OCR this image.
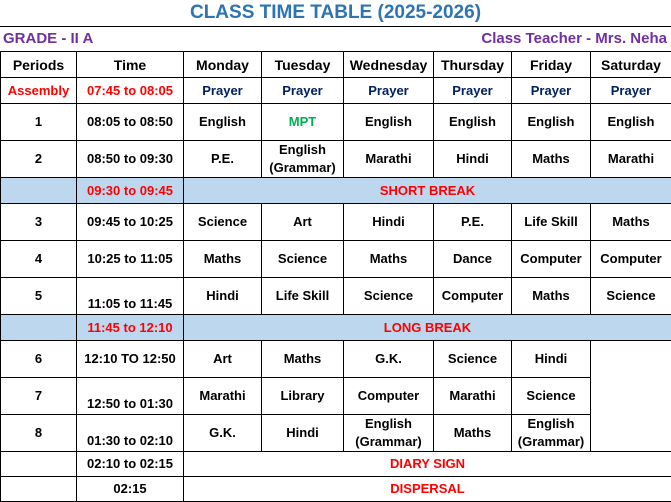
CLASS TIME TABLE (2025-2026)
GRADE - II A	Class Teacher - Mrs. Neha
Periods	Time	Monday	Tuesday	Wednesday	Thursday	Friday	Saturday
Assembly	07:45 to 08:05	Prayer	Prayer	Prayer	Prayer	Prayer	Prayer
1	08:05 to 08:50	English	MPT	English	English	English	English
2	08:50 to 09:30	P.E.	English (Grammar)	Marathi	Hindi	Maths	Marathi
	09:30 to 09:45	SHORT BREAK					
3	09:45 to 10:25	Science	Art	Hindi	P.E.	Life Skill	Maths
4	10:25 to 11:05	Maths	Science	Maths	Dance	Computer	Computer
5	11:05 to 11:45	Hindi	Life Skill	Science	Computer	Maths	Science
	11:45 to 12:10	LONG BREAK					
6	12:10 TO 12:50	Art	Maths	G.K.	Science	Hindi	
7	12:50 to 01:30	Marathi	Library	Computer	Marathi	Science	
8	01:30 to 02:10	G.K.	Hindi	English (Grammar)	Maths	English (Grammar)	
	02:10 to 02:15	DIARY SIGN					
	02:15	DISPERSAL					
